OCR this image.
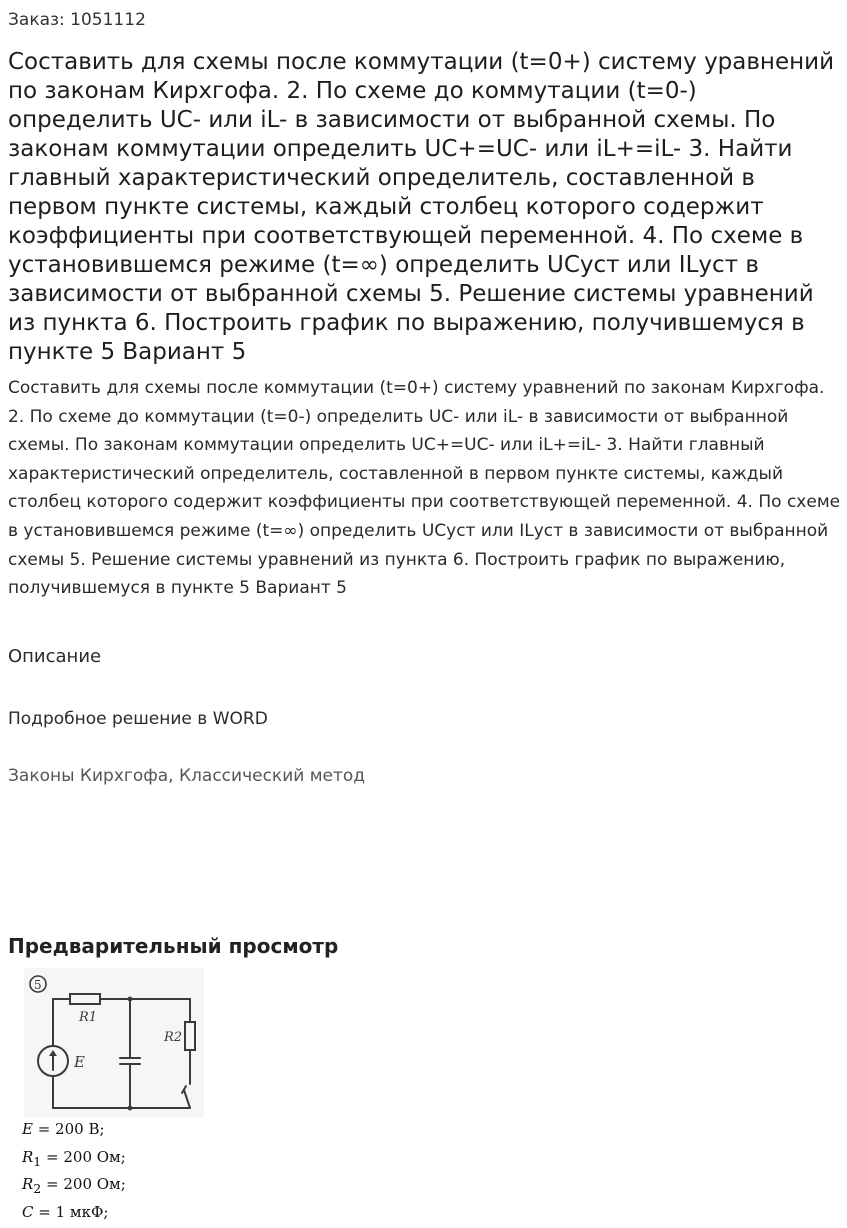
Заказ: 1051112
Составить для схемы после коммутации (t=0+) систему уравнений по законам Кирхгофа. 2. По схеме до коммутации (t=0-) определить UC- или iL- в зависимости от выбранной схемы. По законам коммутации определить UC+=UC- или iL+=iL- 3. Найти главный характеристический определитель, составленной в первом пункте системы, каждый столбец которого содержит коэффициенты при соответствующей переменной. 4. По схеме в установившемся режиме (t=∞) определить UCуст или ILуст в зависимости от выбранной схемы 5. Решение системы уравнений из пункта 6. Построить график по выражению, получившемуся в пункте 5 Вариант 5
Составить для схемы после коммутации (t=0+) систему уравнений по законам Кирхгофа. 2. По схеме до коммутации (t=0-) определить UC- или iL- в зависимости от выбранной схемы. По законам коммутации определить UC+=UC- или iL+=iL- 3. Найти главный характеристический определитель, составленной в первом пункте системы, каждый столбец которого содержит коэффициенты при соответствующей переменной. 4. По схеме в установившемся режиме (t=∞) определить UCуст или ILуст в зависимости от выбранной схемы 5. Решение системы уравнений из пункта 6. Построить график по выражению, получившемуся в пункте 5 Вариант 5
Описание
Подробное решение в WORD
Законы Кирхгофа, Классический метод
Предварительный просмотр
5
R1
R2
E
E = 200 В;
$R_1 = 200$ Ом;
$R_2 = 200$ Ом;
C = 1 мкФ;
